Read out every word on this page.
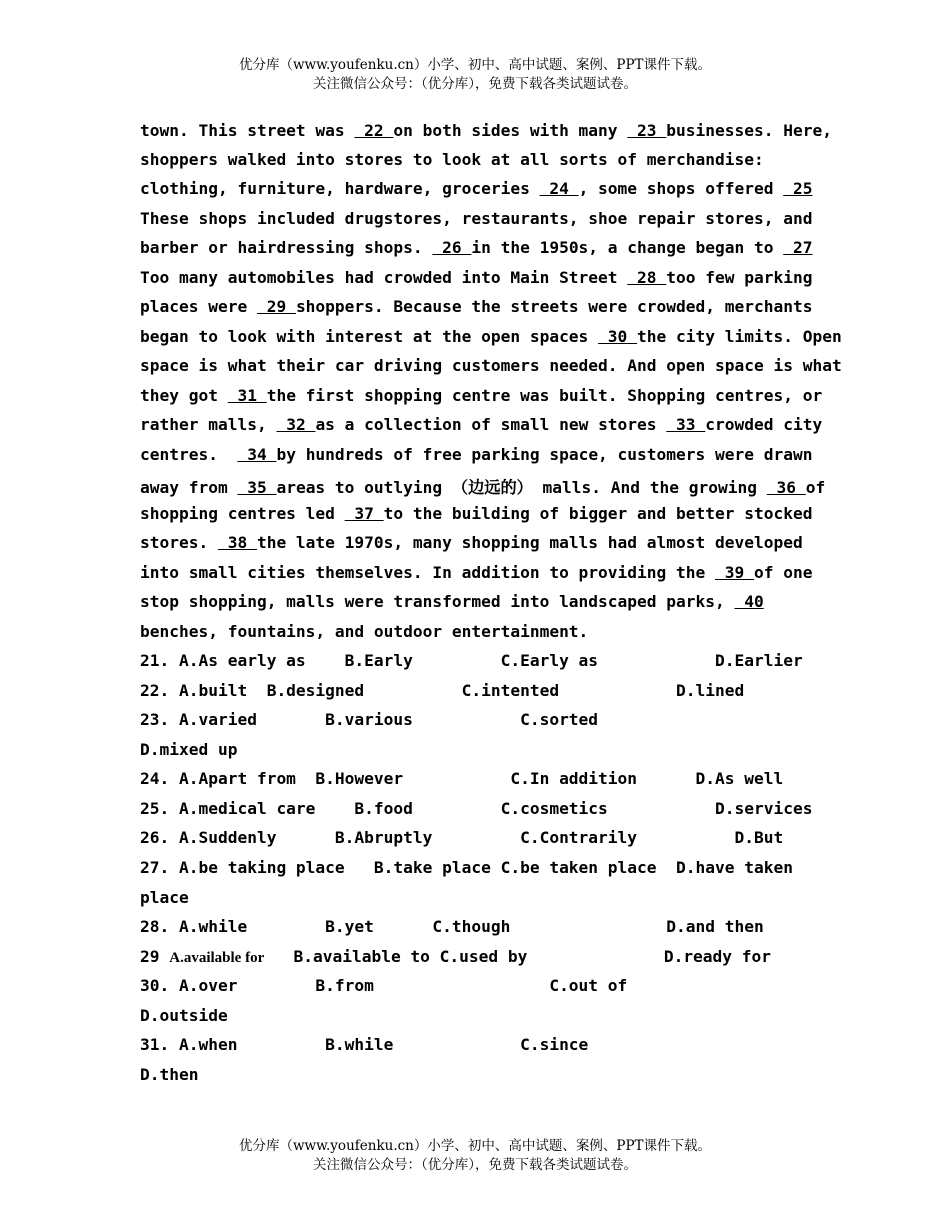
优分库（www.youfenku.cn）小学、初中、高中试题、案例、PPT课件下载。
关注微信公众号：（优分库），免费下载各类试题试卷。
town. This street was  22 on both sides with many  23 businesses. Here,
shoppers walked into stores to look at all sorts of merchandise:
clothing, furniture, hardware, groceries  24 , some shops offered  25
These shops included drugstores, restaurants, shoe repair stores, and
barber or hairdressing shops.  26 in the 1950s, a change began to  27
Too many automobiles had crowded into Main Street  28 too few parking
places were  29 shoppers. Because the streets were crowded, merchants
began to look with interest at the open spaces  30 the city limits. Open
space is what their car driving customers needed. And open space is what
they got  31 the first shopping centre was built. Shopping centres, or
rather malls,  32 as a collection of small new stores  33 crowded city
centres.   34 by hundreds of free parking space, customers were drawn
away from  35 areas to outlying （边远的） malls. And the growing  36 of
shopping centres led  37 to the building of bigger and better stocked
stores.  38 the late 1970s, many shopping malls had almost developed
into small cities themselves. In addition to providing the  39 of one
stop shopping, malls were transformed into landscaped parks,  40
benches, fountains, and outdoor entertainment.
21. A.As early as    B.Early         C.Early as            D.Earlier
22. A.built  B.designed          C.intented            D.lined
23. A.varied       B.various           C.sorted
D.mixed up
24. A.Apart from  B.However           C.In addition      D.As well
25. A.medical care    B.food         C.cosmetics           D.services
26. A.Suddenly      B.Abruptly         C.Contrarily          D.But
27. A.be taking place   B.take place C.be taken place  D.have taken
place
28. A.while        B.yet      C.though                D.and then
29 A.available for   B.available to C.used by              D.ready for
30. A.over        B.from                  C.out of
D.outside
31. A.when         B.while             C.since
D.then
优分库（www.youfenku.cn）小学、初中、高中试题、案例、PPT课件下载。
关注微信公众号：（优分库），免费下载各类试题试卷。
